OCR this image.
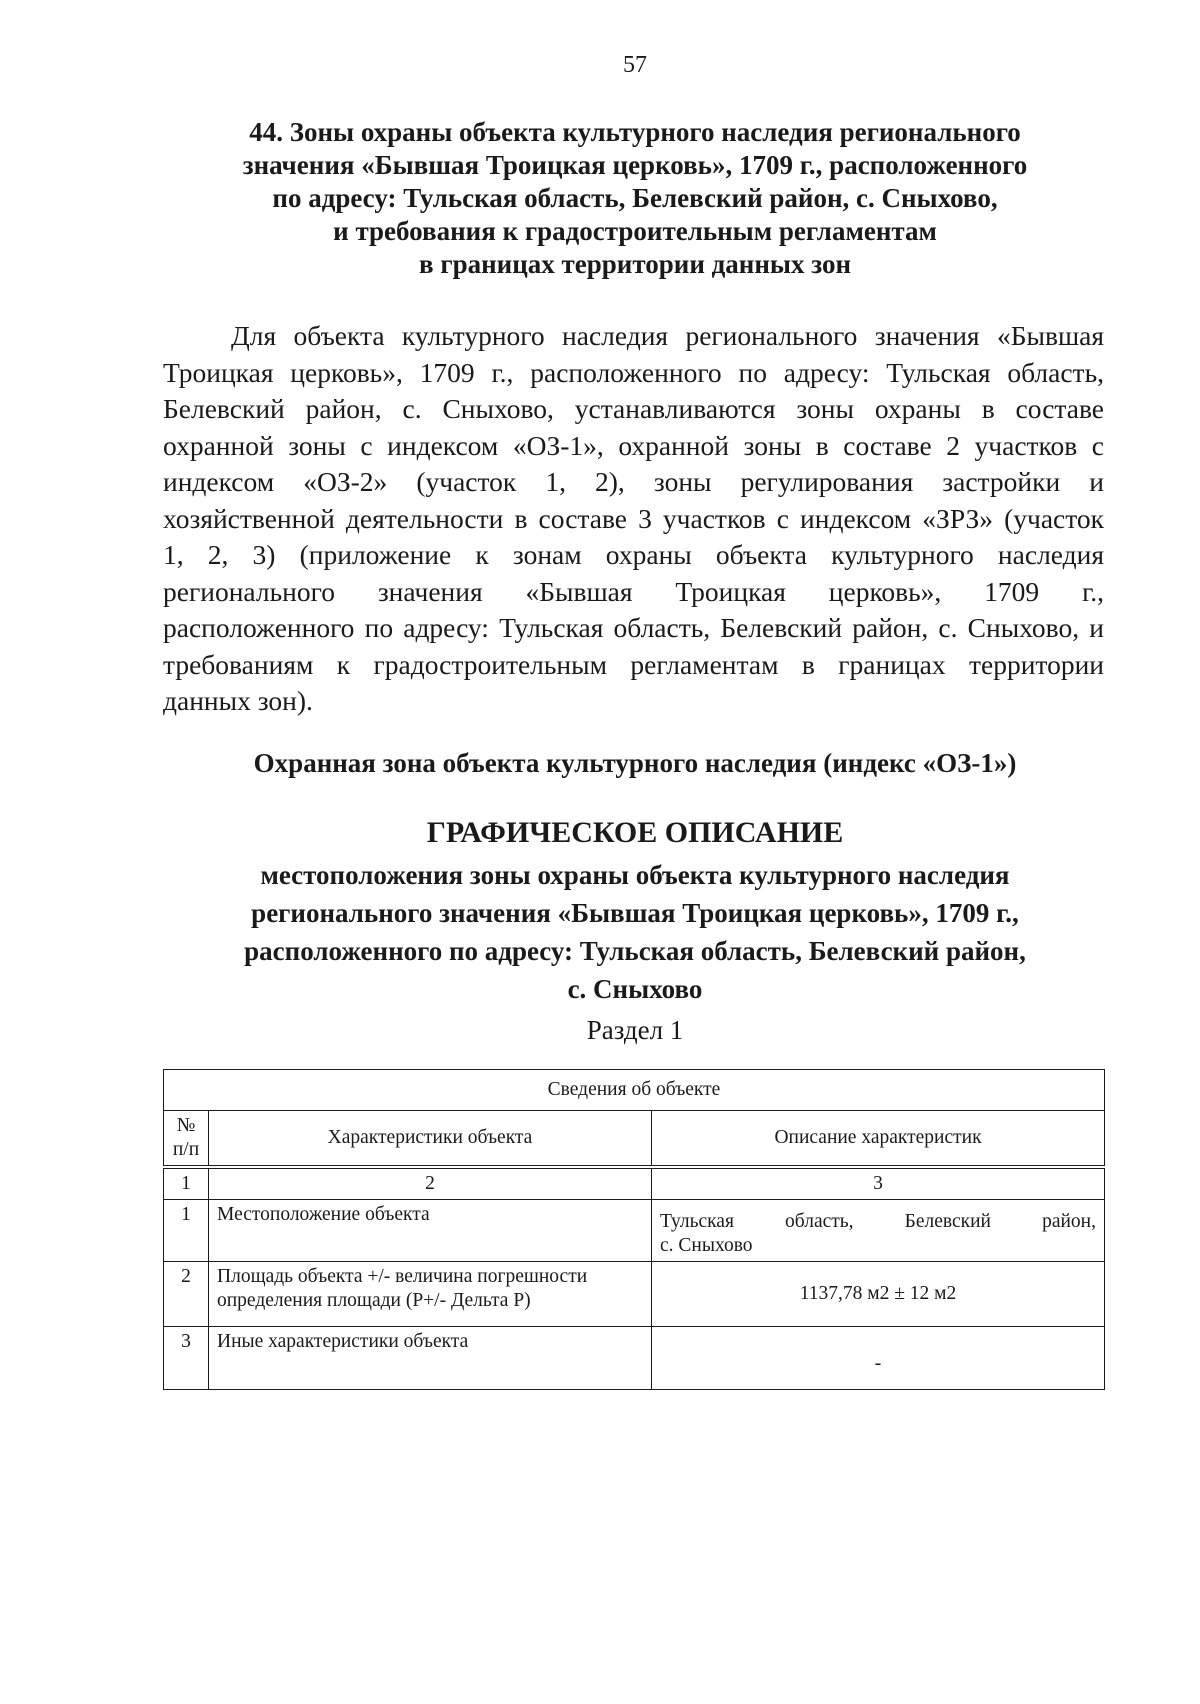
57
44. Зоны охраны объекта культурного наследия регионального
значения «Бывшая Троицкая церковь», 1709 г., расположенного
по адресу: Тульская область, Белевский район, с. Сныхово,
и требования к градостроительным регламентам
в границах территории данных зон
Для объекта культурного наследия регионального значения «Бывшая
Троицкая церковь», 1709 г., расположенного по адресу: Тульская область,
Белевский район, с. Сныхово, устанавливаются зоны охраны в составе
охранной зоны с индексом «ОЗ-1», охранной зоны в составе 2 участков с
индексом «ОЗ-2» (участок 1, 2), зоны регулирования застройки и
хозяйственной деятельности в составе 3 участков с индексом «ЗРЗ» (участок
1, 2, 3) (приложение к зонам охраны объекта культурного наследия
регионального значения «Бывшая Троицкая церковь», 1709 г.,
расположенного по адресу: Тульская область, Белевский район, с. Сныхово, и
требованиям к градостроительным регламентам в границах территории
данных зон).
Охранная зона объекта культурного наследия (индекс «ОЗ-1»)
ГРАФИЧЕСКОЕ ОПИСАНИЕ
местоположения зоны охраны объекта культурного наследия
регионального значения «Бывшая Троицкая церковь», 1709 г.,
расположенного по адресу: Тульская область, Белевский район,
с. Сныхово
Раздел 1
Сведения об объекте		

№
п/п	Характеристики объекта	Описание характеристик

1	2	3
1	Местоположение объекта	Тульская область, Белевский район,
с. Сныхово

2	Площадь объекта +/- величина погрешности
определения площади (Р+/- Дельта Р)	1137,78 м2 ± 12 м2
3	Иные характеристики объекта	-
